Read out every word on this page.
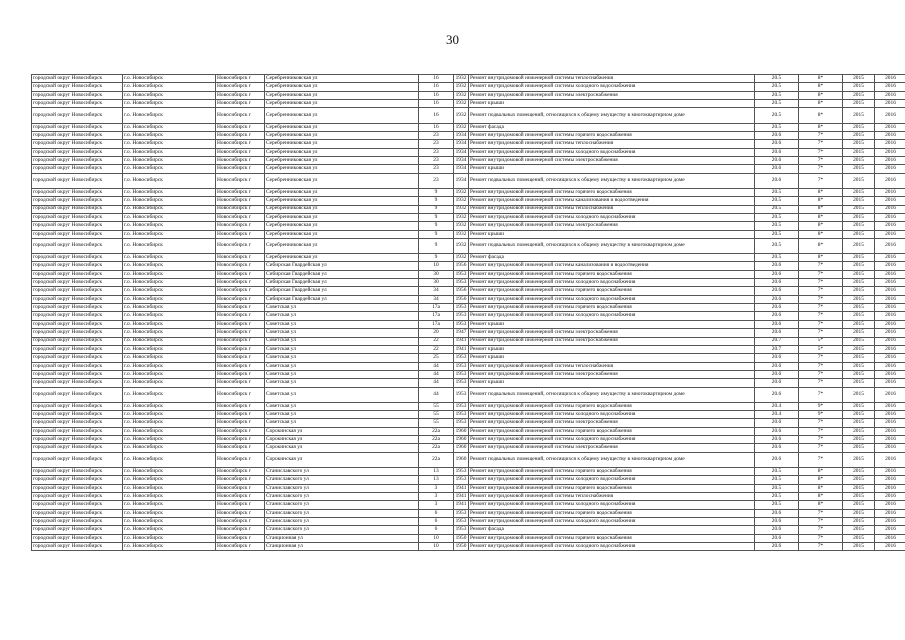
30
городской округ Новосибирск	г.о. Новосибирск	Новосибирск г	Серебренниковская ул	16	1932	Ремонт внутридомовой инженерной системы теплоснабжения	20.5	8*	2015	2016
городской округ Новосибирск	г.о. Новосибирск	Новосибирск г	Серебренниковская ул	16	1932	Ремонт внутридомовой инженерной системы холодного водоснабжения	20.5	8*	2015	2016
городской округ Новосибирск	г.о. Новосибирск	Новосибирск г	Серебренниковская ул	16	1932	Ремонт внутридомовой инженерной системы электроснабжения	20.5	8*	2015	2016
городской округ Новосибирск	г.о. Новосибирск	Новосибирск г	Серебренниковская ул	16	1932	Ремонт крыши	20.5	8*	2015	2016
городской округ Новосибирск	г.о. Новосибирск	Новосибирск г	Серебренниковская ул	16	1932	Ремонт подвальных помещений, относящихся к общему имуществу в многоквартирном доме	20.5	8*	2015	2016
городской округ Новосибирск	г.о. Новосибирск	Новосибирск г	Серебренниковская ул	16	1932	Ремонт фасада	20.5	8*	2015	2016
городской округ Новосибирск	г.о. Новосибирск	Новосибирск г	Серебренниковская ул	23	1934	Ремонт внутридомовой инженерной системы горячего водоснабжения	20.6	7*	2015	2016
городской округ Новосибирск	г.о. Новосибирск	Новосибирск г	Серебренниковская ул	23	1934	Ремонт внутридомовой инженерной системы теплоснабжения	20.6	7*	2015	2016
городской округ Новосибирск	г.о. Новосибирск	Новосибирск г	Серебренниковская ул	23	1934	Ремонт внутридомовой инженерной системы холодного водоснабжения	20.6	7*	2015	2016
городской округ Новосибирск	г.о. Новосибирск	Новосибирск г	Серебренниковская ул	23	1934	Ремонт внутридомовой инженерной системы электроснабжения	20.6	7*	2015	2016
городской округ Новосибирск	г.о. Новосибирск	Новосибирск г	Серебренниковская ул	23	1934	Ремонт крыши	20.6	7*	2015	2016
городской округ Новосибирск	г.о. Новосибирск	Новосибирск г	Серебренниковская ул	23	1934	Ремонт подвальных помещений, относящихся к общему имуществу в многоквартирном доме	20.6	7*	2015	2016
городской округ Новосибирск	г.о. Новосибирск	Новосибирск г	Серебренниковская ул	9	1932	Ремонт внутридомовой инженерной системы горячего водоснабжения	20.5	8*	2015	2016
городской округ Новосибирск	г.о. Новосибирск	Новосибирск г	Серебренниковская ул	9	1932	Ремонт внутридомовой инженерной системы канализования и водоотведения	20.5	8*	2015	2016
городской округ Новосибирск	г.о. Новосибирск	Новосибирск г	Серебренниковская ул	9	1932	Ремонт внутридомовой инженерной системы теплоснабжения	20.5	8*	2015	2016
городской округ Новосибирск	г.о. Новосибирск	Новосибирск г	Серебренниковская ул	9	1932	Ремонт внутридомовой инженерной системы холодного водоснабжения	20.5	8*	2015	2016
городской округ Новосибирск	г.о. Новосибирск	Новосибирск г	Серебренниковская ул	9	1932	Ремонт внутридомовой инженерной системы электроснабжения	20.5	8*	2015	2016
городской округ Новосибирск	г.о. Новосибирск	Новосибирск г	Серебренниковская ул	9	1932	Ремонт крыши	20.5	8*	2015	2016
городской округ Новосибирск	г.о. Новосибирск	Новосибирск г	Серебренниковская ул	9	1932	Ремонт подвальных помещений, относящихся к общему имуществу в многоквартирном доме	20.5	8*	2015	2016
городской округ Новосибирск	г.о. Новосибирск	Новосибирск г	Серебренниковская ул	9	1932	Ремонт фасада	20.5	8*	2015	2016
городской округ Новосибирск	г.о. Новосибирск	Новосибирск г	Сибирская Гвардейская ул	10	1956	Ремонт внутридомовой инженерной системы канализования и водоотведения	20.6	7*	2015	2016
городской округ Новосибирск	г.о. Новосибирск	Новосибирск г	Сибирская Гвардейская ул	30	1953	Ремонт внутридомовой инженерной системы горячего водоснабжения	20.6	7*	2015	2016
городской округ Новосибирск	г.о. Новосибирск	Новосибирск г	Сибирская Гвардейская ул	30	1953	Ремонт внутридомовой инженерной системы холодного водоснабжения	20.6	7*	2015	2016
городской округ Новосибирск	г.о. Новосибирск	Новосибирск г	Сибирская Гвардейская ул	34	1956	Ремонт внутридомовой инженерной системы горячего водоснабжения	20.6	7*	2015	2016
городской округ Новосибирск	г.о. Новосибирск	Новосибирск г	Сибирская Гвардейская ул	34	1956	Ремонт внутридомовой инженерной системы холодного водоснабжения	20.6	7*	2015	2016
городской округ Новосибирск	г.о. Новосибирск	Новосибирск г	Советская ул	17a	1953	Ремонт внутридомовой инженерной системы горячего водоснабжения	20.6	7*	2015	2016
городской округ Новосибирск	г.о. Новосибирск	Новосибирск г	Советская ул	17a	1953	Ремонт внутридомовой инженерной системы холодного водоснабжения	20.6	7*	2015	2016
городской округ Новосибирск	г.о. Новосибирск	Новосибирск г	Советская ул	17a	1953	Ремонт крыши	20.6	7*	2015	2016
городской округ Новосибирск	г.о. Новосибирск	Новосибирск г	Советская ул	20	1947	Ремонт внутридомовой инженерной системы электроснабжения	20.6	7*	2015	2016
городской округ Новосибирск	г.о. Новосибирск	Новосибирск г	Советская ул	22	1941	Ремонт внутридомовой инженерной системы электроснабжения	20.7	5*	2015	2016
городской округ Новосибирск	г.о. Новосибирск	Новосибирск г	Советская ул	22	1941	Ремонт крыши	20.7	5*	2015	2016
городской округ Новосибирск	г.о. Новосибирск	Новосибирск г	Советская ул	25	1953	Ремонт крыши	20.6	7*	2015	2016
городской округ Новосибирск	г.о. Новосибирск	Новосибирск г	Советская ул	44	1953	Ремонт внутридомовой инженерной системы теплоснабжения	20.6	7*	2015	2016
городской округ Новосибирск	г.о. Новосибирск	Новосибирск г	Советская ул	44	1953	Ремонт внутридомовой инженерной системы электроснабжения	20.6	7*	2015	2016
городской округ Новосибирск	г.о. Новосибирск	Новосибирск г	Советская ул	44	1953	Ремонт крыши	20.6	7*	2015	2016
городской округ Новосибирск	г.о. Новосибирск	Новосибирск г	Советская ул	44	1953	Ремонт подвальных помещений, относящихся к общему имуществу в многоквартирном доме	20.6	7*	2015	2016
городской округ Новосибирск	г.о. Новосибирск	Новосибирск г	Советская ул	55	1953	Ремонт внутридомовой инженерной системы горячего водоснабжения	20.4	9*	2015	2016
городской округ Новосибирск	г.о. Новосибирск	Новосибирск г	Советская ул	55	1953	Ремонт внутридомовой инженерной системы холодного водоснабжения	20.4	9*	2015	2016
городской округ Новосибирск	г.о. Новосибирск	Новосибирск г	Советская ул	55	1953	Ремонт внутридомовой инженерной системы электроснабжения	20.6	7*	2015	2016
городской округ Новосибирск	г.о. Новосибирск	Новосибирск г	Сорокинская ул	22a	1960	Ремонт внутридомовой инженерной системы горячего водоснабжения	20.6	7*	2015	2016
городской округ Новосибирск	г.о. Новосибирск	Новосибирск г	Сорокинская ул	22a	1960	Ремонт внутридомовой инженерной системы холодного водоснабжения	20.6	7*	2015	2016
городской округ Новосибирск	г.о. Новосибирск	Новосибирск г	Сорокинская ул	22a	1960	Ремонт внутридомовой инженерной системы электроснабжения	20.6	7*	2015	2016
городской округ Новосибирск	г.о. Новосибирск	Новосибирск г	Сорокинская ул	22a	1960	Ремонт подвальных помещений, относящихся к общему имуществу в многоквартирном доме	20.6	7*	2015	2016
городской округ Новосибирск	г.о. Новосибирск	Новосибирск г	Станиславского ул	13	1953	Ремонт внутридомовой инженерной системы горячего водоснабжения	20.5	8*	2015	2016
городской округ Новосибирск	г.о. Новосибирск	Новосибирск г	Станиславского ул	13	1953	Ремонт внутридомовой инженерной системы холодного водоснабжения	20.5	8*	2015	2016
городской округ Новосибирск	г.о. Новосибирск	Новосибирск г	Станиславского ул	3	1941	Ремонт внутридомовой инженерной системы горячего водоснабжения	20.5	8*	2015	2016
городской округ Новосибирск	г.о. Новосибирск	Новосибирск г	Станиславского ул	3	1941	Ремонт внутридомовой инженерной системы теплоснабжения	20.5	8*	2015	2016
городской округ Новосибирск	г.о. Новосибирск	Новосибирск г	Станиславского ул	3	1941	Ремонт внутридомовой инженерной системы холодного водоснабжения	20.5	8*	2015	2016
городской округ Новосибирск	г.о. Новосибирск	Новосибирск г	Станиславского ул	6	1953	Ремонт внутридомовой инженерной системы горячего водоснабжения	20.6	7*	2015	2016
городской округ Новосибирск	г.о. Новосибирск	Новосибирск г	Станиславского ул	6	1953	Ремонт внутридомовой инженерной системы холодного водоснабжения	20.6	7*	2015	2016
городской округ Новосибирск	г.о. Новосибирск	Новосибирск г	Станиславского ул	6	1953	Ремонт фасада	20.6	7*	2015	2016
городской округ Новосибирск	г.о. Новосибирск	Новосибирск г	Станционная ул	10	1950	Ремонт внутридомовой инженерной системы горячего водоснабжения	20.6	7*	2015	2016
городской округ Новосибирск	г.о. Новосибирск	Новосибирск г	Станционная ул	10	1950	Ремонт внутридомовой инженерной системы холодного водоснабжения	20.6	7*	2015	2016
